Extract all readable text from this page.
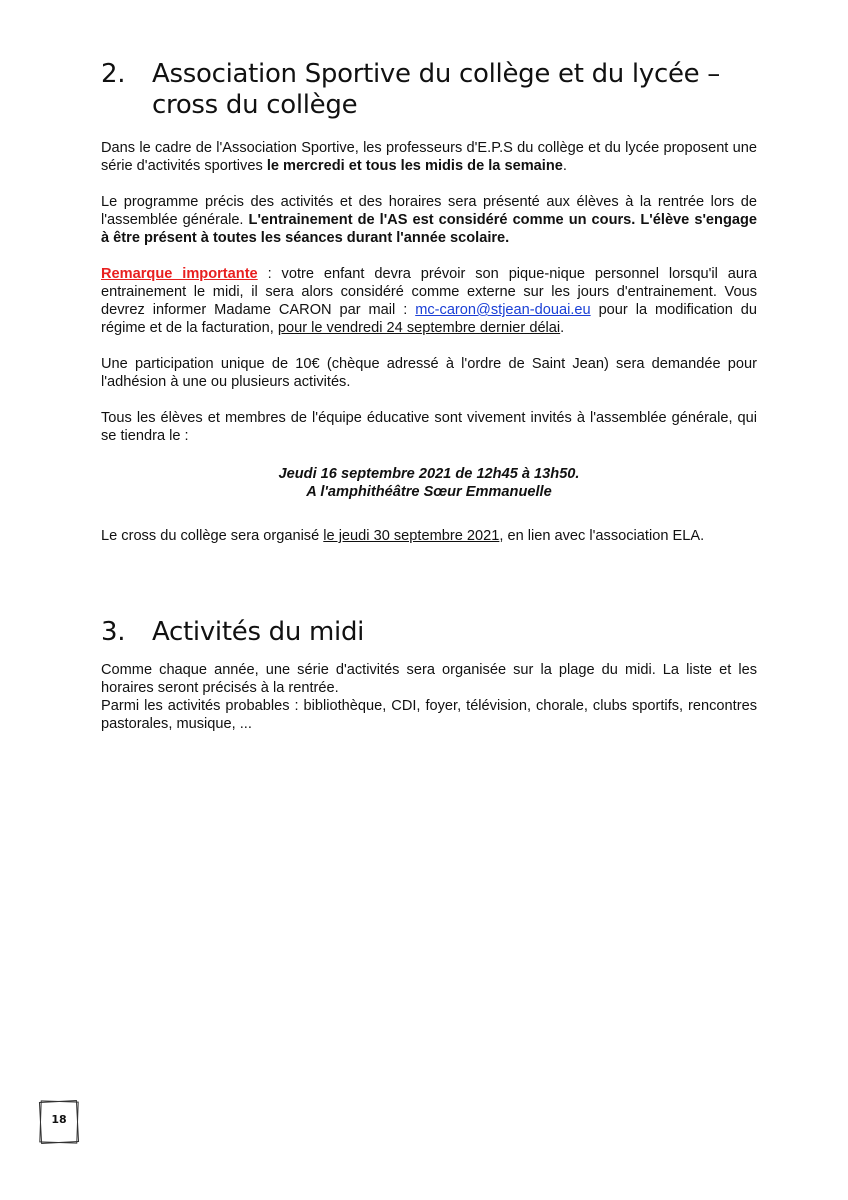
2. Association Sportive du collège et du lycée – cross du collège
Dans le cadre de l'Association Sportive, les professeurs d'E.P.S du collège et du lycée proposent une série d'activités sportives le mercredi et tous les midis de la semaine.
Le programme précis des activités et des horaires sera présenté aux élèves à la rentrée lors de l'assemblée générale. L'entrainement de l'AS est considéré comme un cours. L'élève s'engage à être présent à toutes les séances durant l'année scolaire.
Remarque importante : votre enfant devra prévoir son pique-nique personnel lorsqu'il aura entrainement le midi, il sera alors considéré comme externe sur les jours d'entrainement. Vous devrez informer Madame CARON par mail : mc-caron@stjean-douai.eu pour la modification du régime et de la facturation, pour le vendredi 24 septembre dernier délai.
Une participation unique de 10€ (chèque adressé à l'ordre de Saint Jean) sera demandée pour l'adhésion à une ou plusieurs activités.
Tous les élèves et membres de l'équipe éducative sont vivement invités à l'assemblée générale, qui se tiendra le :
Jeudi 16 septembre 2021 de 12h45 à 13h50.
A l'amphithéâtre Sœur Emmanuelle
Le cross du collège sera organisé le jeudi 30 septembre 2021, en lien avec l'association ELA.
3. Activités du midi
Comme chaque année, une série d'activités sera organisée sur la plage du midi. La liste et les horaires seront précisés à la rentrée.
Parmi les activités probables : bibliothèque, CDI, foyer, télévision, chorale, clubs sportifs, rencontres pastorales, musique, ...
18
